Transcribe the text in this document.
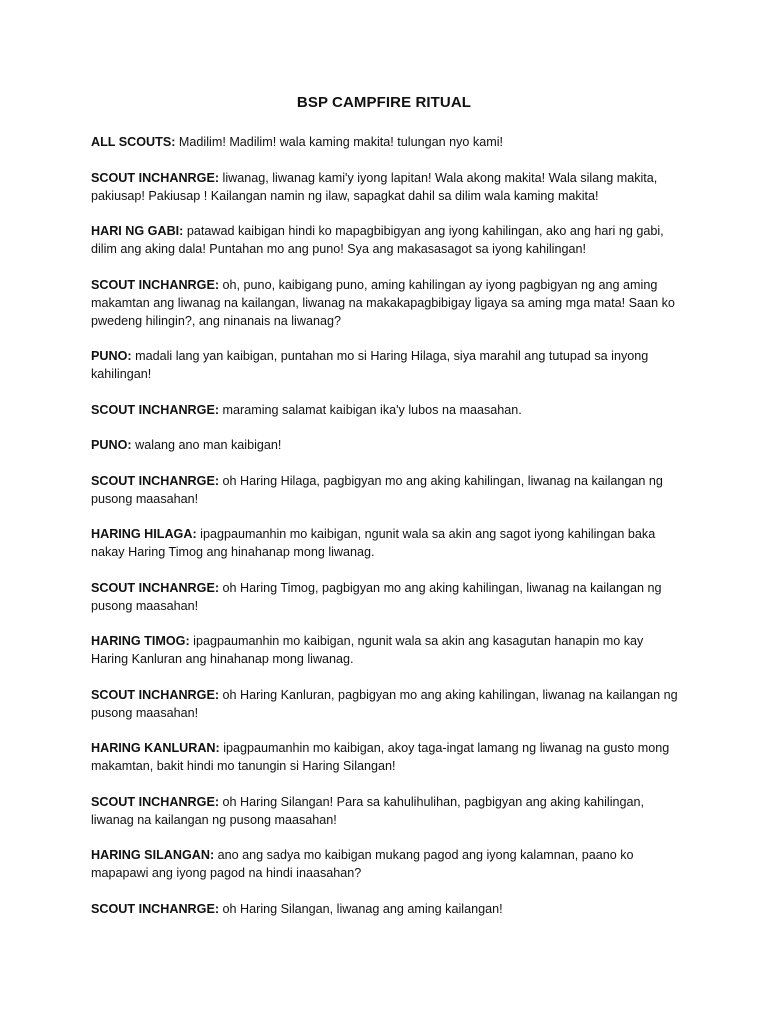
BSP CAMPFIRE RITUAL

ALL SCOUTS: Madilim! Madilim! wala kaming makita! tulungan nyo kami!

SCOUT INCHANRGE: liwanag, liwanag kami'y iyong lapitan! Wala akong makita! Wala silang makita, pakiusap! Pakiusap ! Kailangan namin ng ilaw, sapagkat dahil sa dilim wala kaming makita!

HARI NG GABI: patawad kaibigan hindi ko mapagbibigyan ang iyong kahilingan, ako ang hari ng gabi, dilim ang aking dala! Puntahan mo ang puno! Sya ang makasasagot sa iyong kahilingan!

SCOUT INCHANRGE: oh, puno, kaibigang puno, aming kahilingan ay iyong pagbigyan ng ang aming makamtan ang liwanag na kailangan, liwanag na makakapagbibigay ligaya sa aming mga mata! Saan ko pwedeng hilingin?, ang ninanais na liwanag?

PUNO: madali lang yan kaibigan, puntahan mo si Haring Hilaga, siya marahil ang tutupad sa inyong kahilingan!

SCOUT INCHANRGE: maraming salamat kaibigan ika'y lubos na maasahan.

PUNO: walang ano man kaibigan!

SCOUT INCHANRGE: oh Haring Hilaga, pagbigyan mo ang aking kahilingan, liwanag na kailangan ng pusong maasahan!

HARING HILAGA: ipagpaumanhin mo kaibigan, ngunit wala sa akin ang sagot iyong kahilingan baka nakay Haring Timog ang hinahanap mong liwanag.

SCOUT INCHANRGE: oh Haring Timog, pagbigyan mo ang aking kahilingan, liwanag na kailangan ng pusong maasahan!

HARING TIMOG: ipagpaumanhin mo kaibigan, ngunit wala sa akin ang kasagutan hanapin mo kay Haring Kanluran ang hinahanap mong liwanag.

SCOUT INCHANRGE: oh Haring Kanluran, pagbigyan mo ang aking kahilingan, liwanag na kailangan ng pusong maasahan!

HARING KANLURAN: ipagpaumanhin mo kaibigan, akoy taga-ingat lamang ng liwanag na gusto mong makamtan, bakit hindi mo tanungin si Haring Silangan!

SCOUT INCHANRGE: oh Haring Silangan! Para sa kahulihulihan, pagbigyan ang aking kahilingan, liwanag na kailangan ng pusong maasahan!

HARING SILANGAN: ano ang sadya mo kaibigan mukang pagod ang iyong kalamnan, paano ko mapapawi ang iyong pagod na hindi inaasahan?

SCOUT INCHANRGE: oh Haring Silangan, liwanag ang aming kailangan!
